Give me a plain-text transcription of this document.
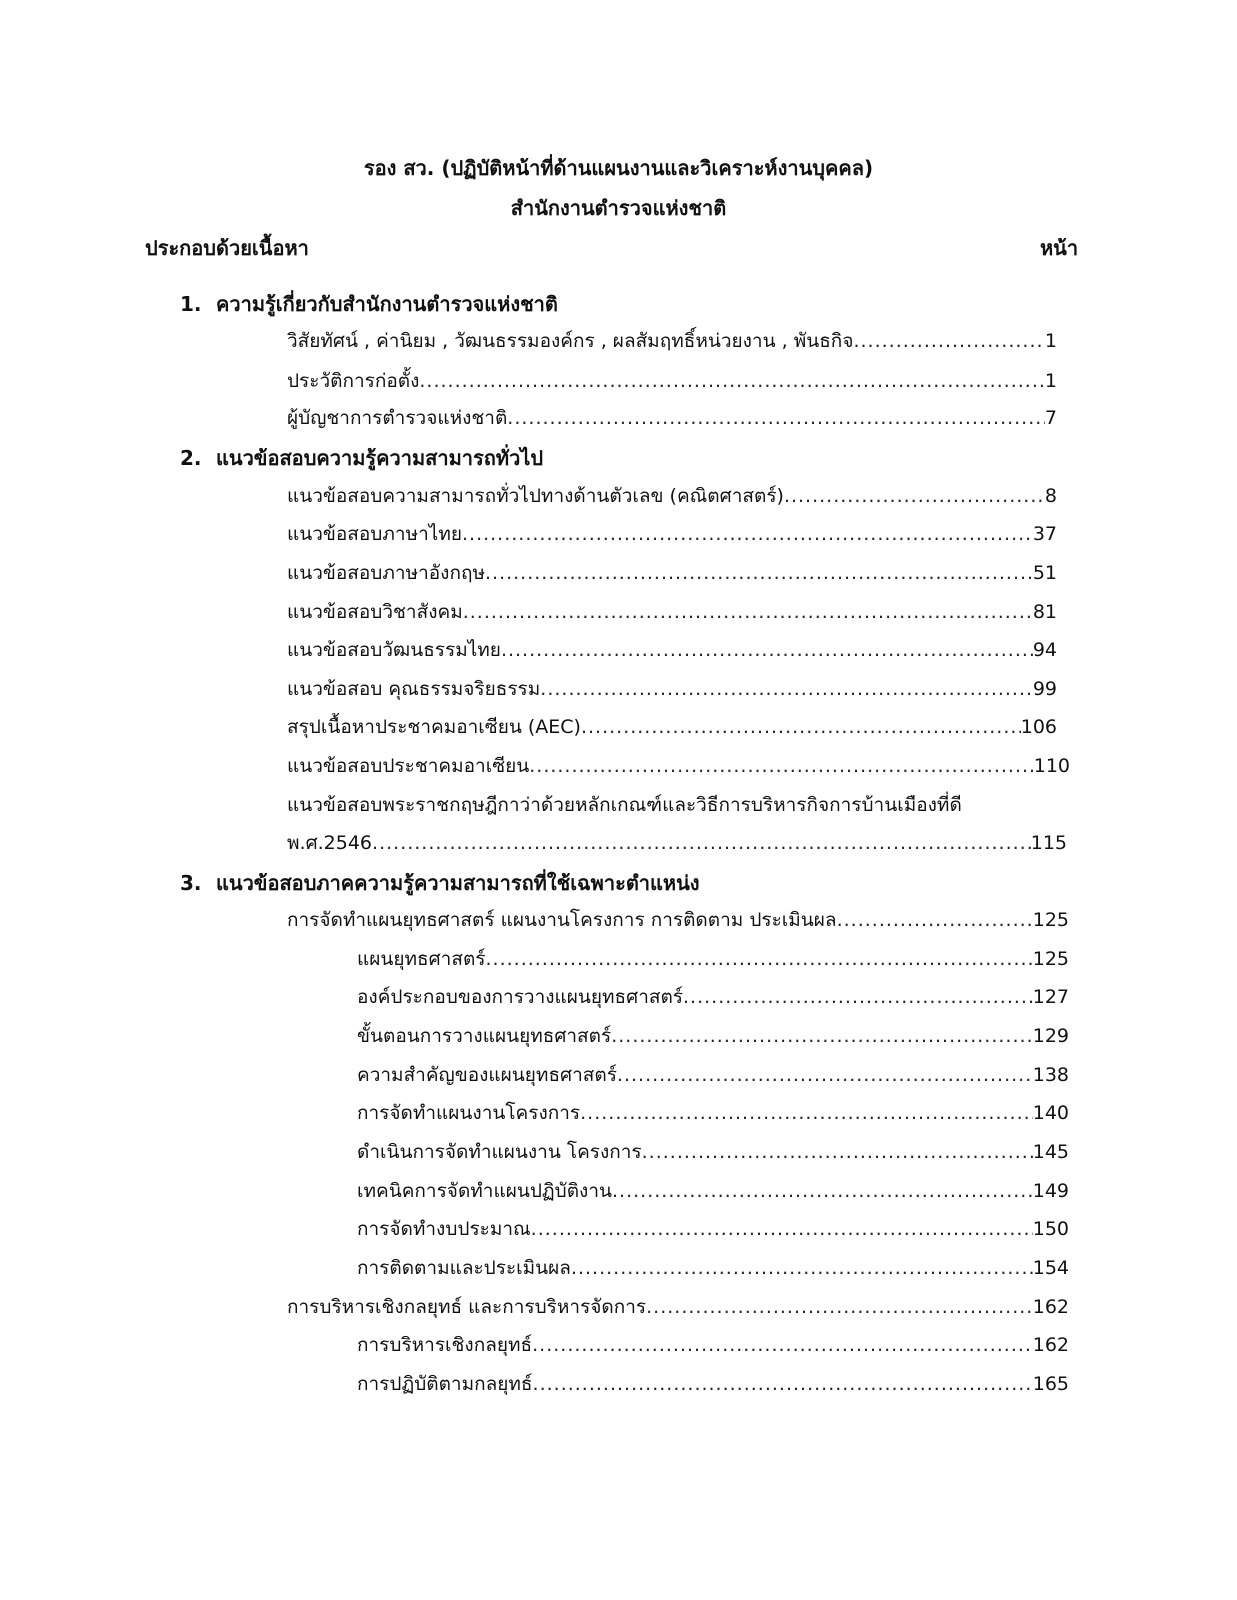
รอง สว. (ปฏิบัติหน้าที่ด้านแผนงานและวิเคราะห์งานบุคคล)
สำนักงานตำรวจแห่งชาติ
ประกอบด้วยเนื้อหา	หน้า
1. ความรู้เกี่ยวกับสำนักงานตำรวจแห่งชาติ
วิสัยทัศน์ , ค่านิยม , วัฒนธรรมองค์กร , ผลสัมฤทธิ์หน่วยงาน , พันธกิจ .....	1
ประวัติการก่อตั้ง .....	1
ผู้บัญชาการตำรวจแห่งชาติ .....	7
2. แนวข้อสอบความรู้ความสามารถทั่วไป
แนวข้อสอบความสามารถทั่วไปทางด้านตัวเลข (คณิตศาสตร์) .....	8
แนวข้อสอบภาษาไทย .....	37
แนวข้อสอบภาษาอังกฤษ .....	51
แนวข้อสอบวิชาสังคม .....	81
แนวข้อสอบวัฒนธรรมไทย .....	94
แนวข้อสอบ คุณธรรมจริยธรรม .....	99
สรุปเนื้อหาประชาคมอาเซียน (AEC) .....	106
แนวข้อสอบประชาคมอาเซียน .....	110
แนวข้อสอบพระราชกฤษฎีกาว่าด้วยหลักเกณฑ์และวิธีการบริหารกิจการบ้านเมืองที่ดี
พ.ศ.2546 .....	115
3. แนวข้อสอบภาคความรู้ความสามารถที่ใช้เฉพาะตำแหน่ง
การจัดทำแผนยุทธศาสตร์ แผนงานโครงการ การติดตาม ประเมินผล .....	125
แผนยุทธศาสตร์ .....	125
องค์ประกอบของการวางแผนยุทธศาสตร์ .....	127
ขั้นตอนการวางแผนยุทธศาสตร์ .....	129
ความสำคัญของแผนยุทธศาสตร์ .....	138
การจัดทำแผนงานโครงการ .....	140
ดำเนินการจัดทำแผนงาน โครงการ .....	145
เทคนิคการจัดทำแผนปฏิบัติงาน .....	149
การจัดทำงบประมาณ .....	150
การติดตามและประเมินผล .....	154
การบริหารเชิงกลยุทธ์ และการบริหารจัดการ .....	162
การบริหารเชิงกลยุทธ์ .....	162
การปฏิบัติตามกลยุทธ์ .....	165
